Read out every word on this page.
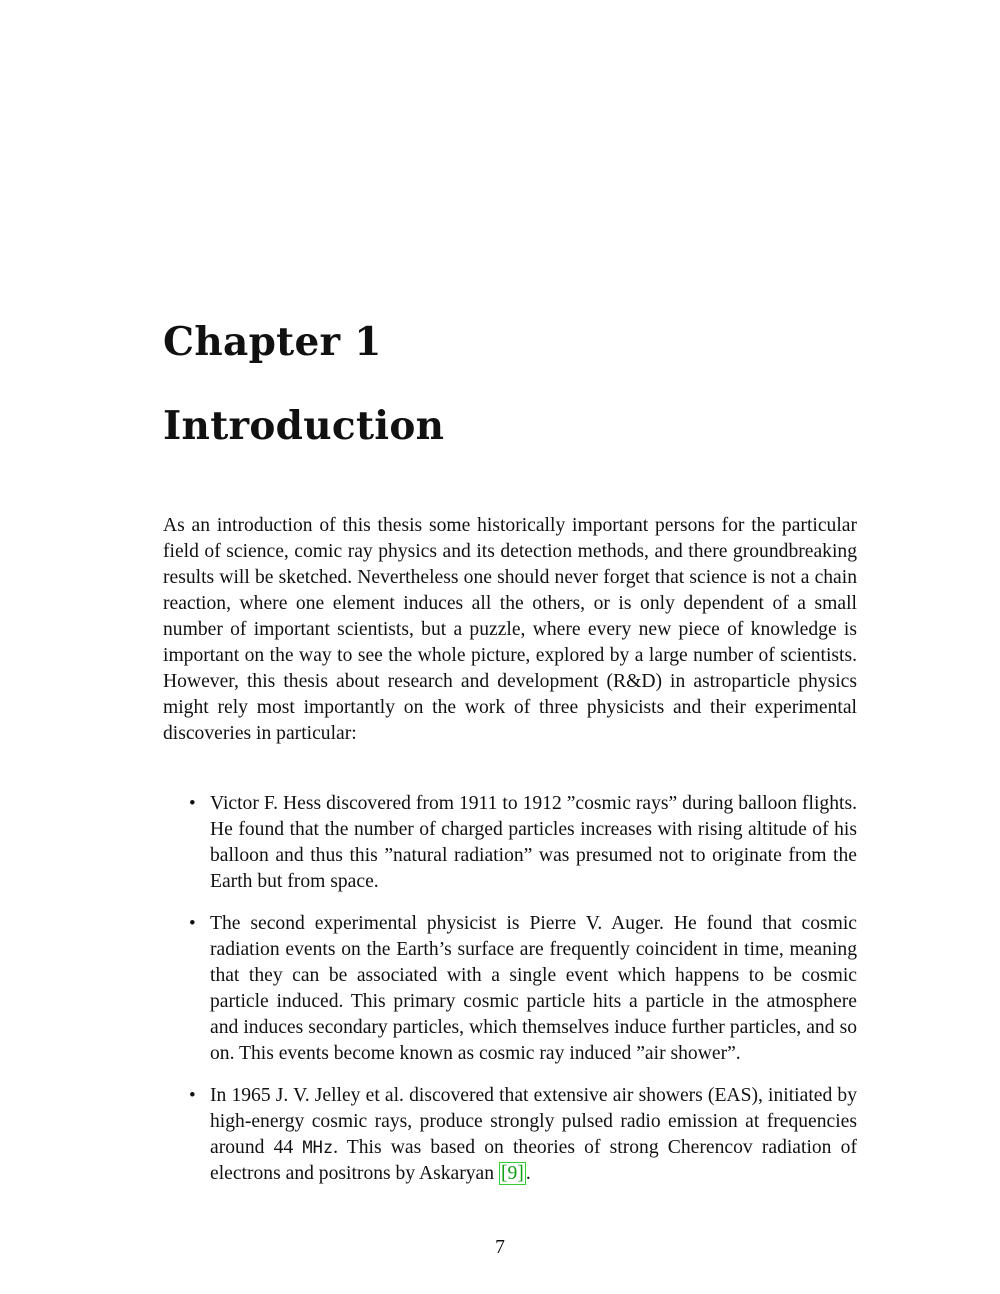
Chapter 1
Introduction

As an introduction of this thesis some historically important persons for the particular field of science, comic ray physics and its detection methods, and there groundbreaking results will be sketched. Nevertheless one should never forget that science is not a chain reaction, where one element induces all the others, or is only dependent of a small number of important scientists, but a puzzle, where every new piece of knowledge is important on the way to see the whole picture, explored by a large number of scientists. However, this thesis about research and development (R&D) in astroparticle physics might rely most importantly on the work of three physicists and their experimental discoveries in particular:

• Victor F. Hess discovered from 1911 to 1912 ”cosmic rays” during balloon flights. He found that the number of charged particles increases with rising altitude of his balloon and thus this ”natural radiation” was presumed not to originate from the Earth but from space.
• The second experimental physicist is Pierre V. Auger. He found that cosmic radiation events on the Earth’s surface are frequently coincident in time, meaning that they can be associated with a single event which happens to be cosmic particle induced. This primary cosmic particle hits a particle in the atmosphere and induces secondary particles, which themselves induce further particles, and so on. This events become known as cosmic ray induced ”air shower”.
• In 1965 J. V. Jelley et al. discovered that extensive air showers (EAS), initiated by high-energy cosmic rays, produce strongly pulsed radio emission at frequencies around 44 MHz. This was based on theories of strong Cherencov radiation of electrons and positrons by Askaryan [9] .

7
